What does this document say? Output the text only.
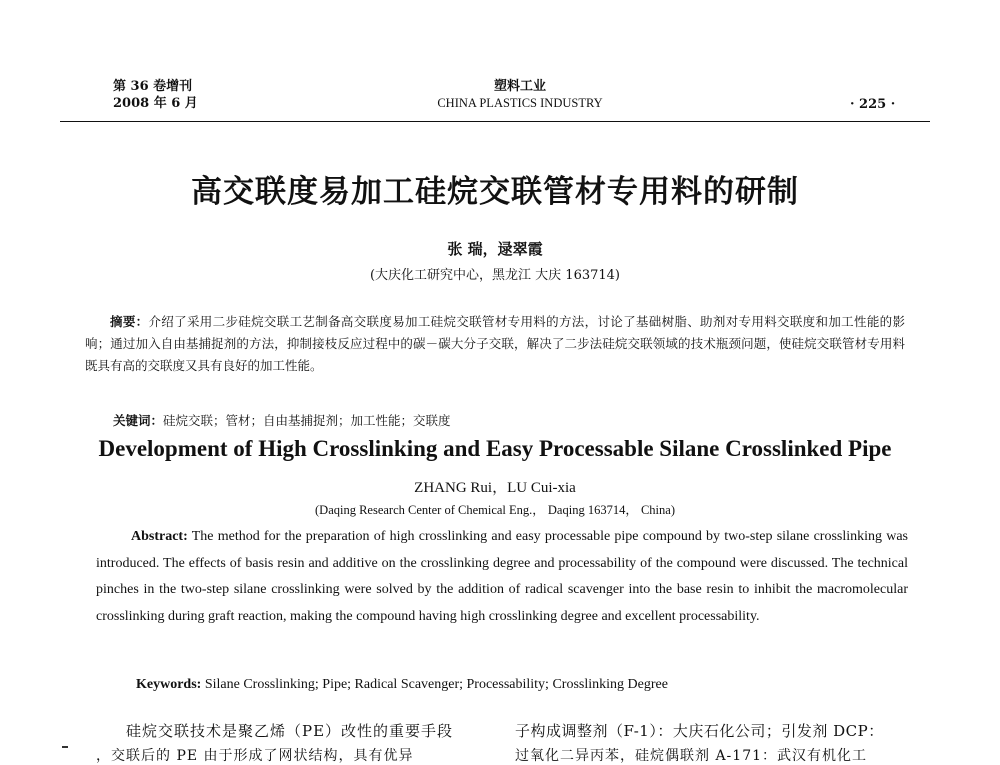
第 36 卷增刊
2008 年 6 月
塑料工业
CHINA PLASTICS INDUSTRY	· 225 ·
高交联度易加工硅烷交联管材专用料的研制
张 瑞，逯翠霞
(大庆化工研究中心，黑龙江 大庆 163714)
摘要：介绍了采用二步硅烷交联工艺制备高交联度易加工硅烷交联管材专用料的方法，讨论了基础树脂、助剂对专用料交联度和加工性能的影响；通过加入自由基捕捉剂的方法，抑制接枝反应过程中的碳－碳大分子交联，解决了二步法硅烷交联领域的技术瓶颈问题，使硅烷交联管材专用料既具有高的交联度又具有良好的加工性能。
关键词：硅烷交联；管材；自由基捕捉剂；加工性能；交联度
Development of High Crosslinking and Easy Processable Silane Crosslinked Pipe
ZHANG Rui，LU Cui-xia
(Daqing Research Center of Chemical Eng.， Daqing 163714， China)
Abstract: The method for the preparation of high crosslinking and easy processable pipe compound by two-step silane crosslinking was introduced. The effects of basis resin and additive on the crosslinking degree and processability of the compound were discussed. The technical pinches in the two-step silane crosslinking were solved by the addition of radical scavenger into the base resin to inhibit the macromolecular crosslinking during graft reaction, making the compound having high crosslinking degree and excellent processability.
Keywords: Silane Crosslinking; Pipe; Radical Scavenger; Processability; Crosslinking Degree
硅烷交联技术是聚乙烯（PE）改性的重要手段	子构成调整剂（F-1）：大庆石化公司；引发剂 DCP：
，交联后的 PE 由于形成了网状结构，具有优异	过氧化二异丙苯，硅烷偶联剂 A-171：武汉有机化工
